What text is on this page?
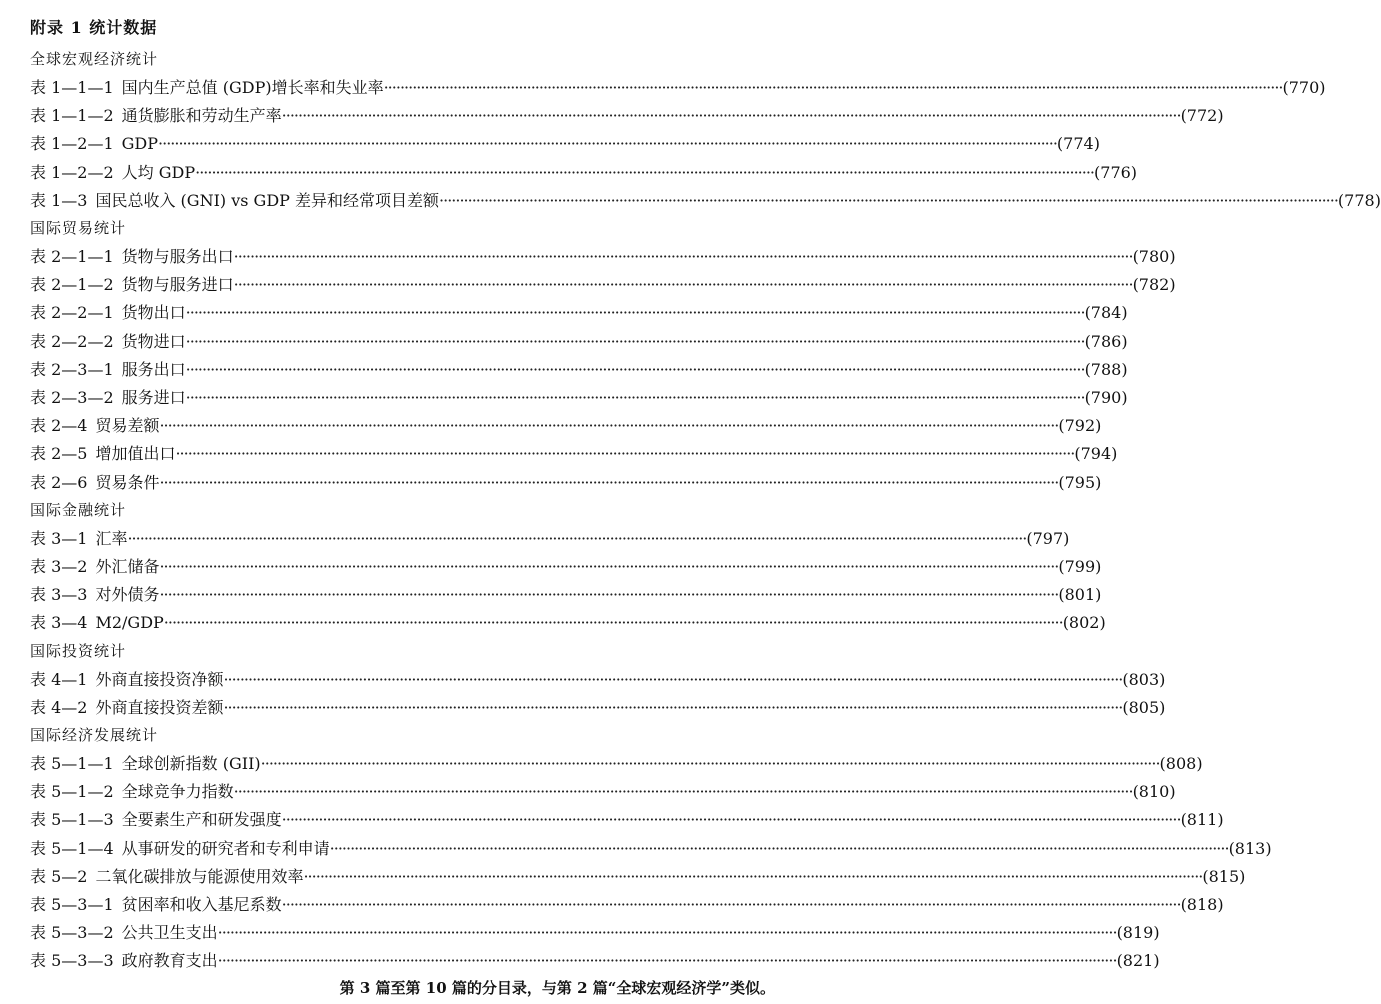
附录 1 统计数据
全球宏观经济统计
表 1—1—1 国内生产总值 (GDP)增长率和失业率 ···························································································································································································································· (770)
表 1—1—2 通货膨胀和劳动生产率 ···························································································································································································································· (772)
表 1—2—1 GDP ···························································································································································································································· (774)
表 1—2—2 人均 GDP ···························································································································································································································· (776)
表 1—3 国民总收入 (GNI) vs GDP 差异和经常项目差额 ···························································································································································································································· (778)
国际贸易统计
表 2—1—1 货物与服务出口 ···························································································································································································································· (780)
表 2—1—2 货物与服务进口 ···························································································································································································································· (782)
表 2—2—1 货物出口 ···························································································································································································································· (784)
表 2—2—2 货物进口 ···························································································································································································································· (786)
表 2—3—1 服务出口 ···························································································································································································································· (788)
表 2—3—2 服务进口 ···························································································································································································································· (790)
表 2—4 贸易差额 ···························································································································································································································· (792)
表 2—5 增加值出口 ···························································································································································································································· (794)
表 2—6 贸易条件 ···························································································································································································································· (795)
国际金融统计
表 3—1 汇率 ···························································································································································································································· (797)
表 3—2 外汇储备 ···························································································································································································································· (799)
表 3—3 对外债务 ···························································································································································································································· (801)
表 3—4 M2/GDP ···························································································································································································································· (802)
国际投资统计
表 4—1 外商直接投资净额 ···························································································································································································································· (803)
表 4—2 外商直接投资差额 ···························································································································································································································· (805)
国际经济发展统计
表 5—1—1 全球创新指数 (GII) ···························································································································································································································· (808)
表 5—1—2 全球竞争力指数 ···························································································································································································································· (810)
表 5—1—3 全要素生产和研发强度 ···························································································································································································································· (811)
表 5—1—4 从事研发的研究者和专利申请 ···························································································································································································································· (813)
表 5—2 二氧化碳排放与能源使用效率 ···························································································································································································································· (815)
表 5—3—1 贫困率和收入基尼系数 ···························································································································································································································· (818)
表 5—3—2 公共卫生支出 ···························································································································································································································· (819)
表 5—3—3 政府教育支出 ···························································································································································································································· (821)
第 3 篇至第 10 篇的分目录，与第 2 篇“全球宏观经济学”类似。
